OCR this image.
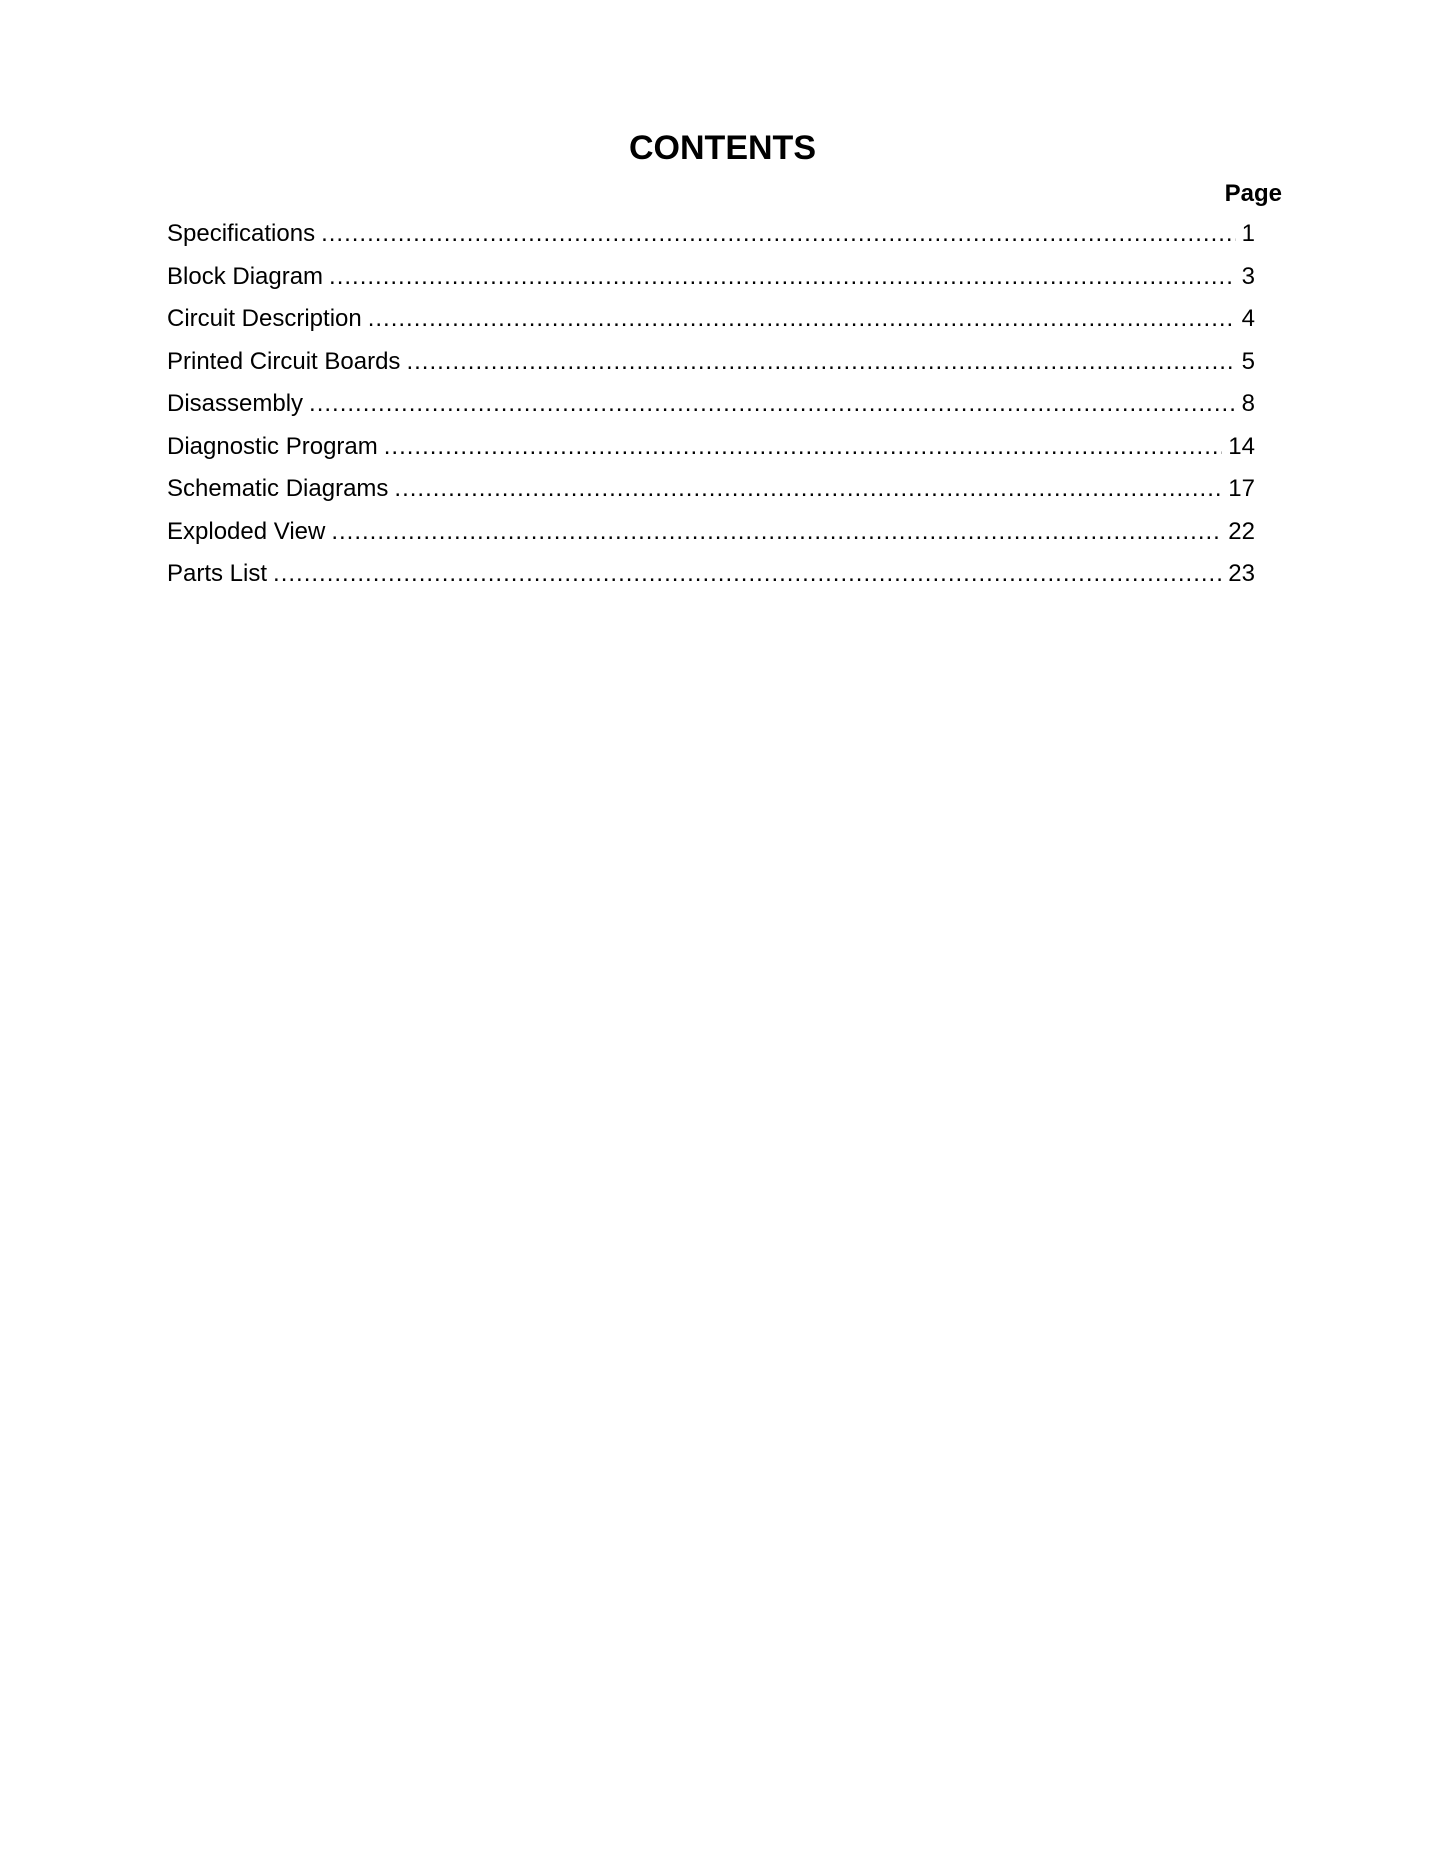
CONTENTS
Page
Specifications .....	1
Block Diagram .....	3
Circuit Description .....	4
Printed Circuit Boards .....	5
Disassembly .....	8
Diagnostic Program .....	14
Schematic Diagrams .....	17
Exploded View .....	22
Parts List .....	23
